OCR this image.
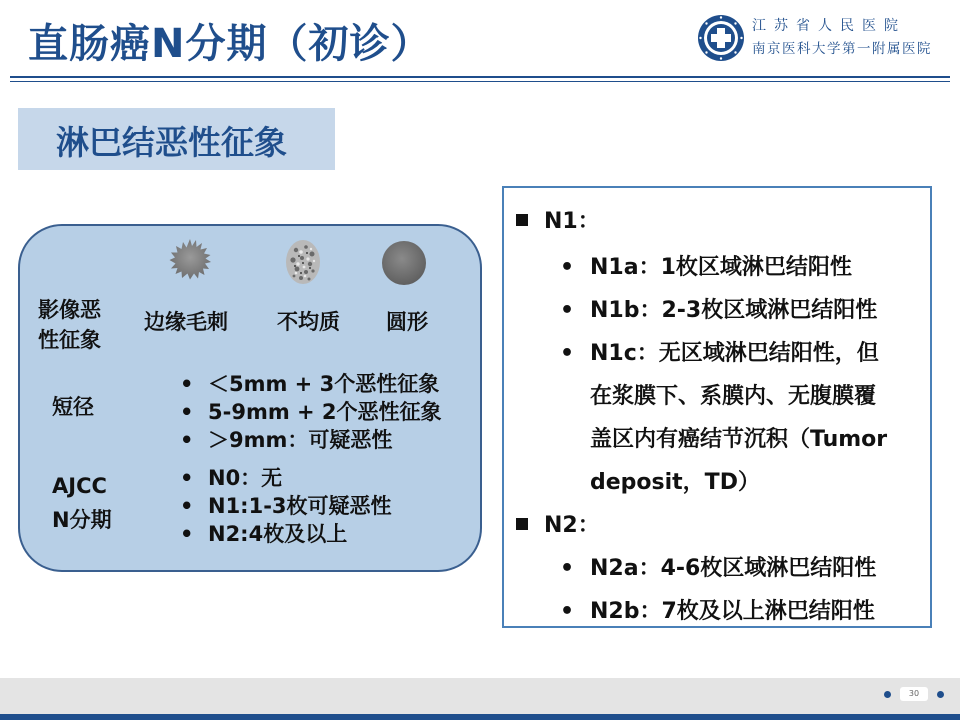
直肠癌N分期（初诊）	江苏省人民医院
南京医科大学第一附属医院
淋巴结恶性征象
影像恶
性征象
边缘毛刺 不均质 圆形
短径
• ＜5mm + 3个恶性征象
• 5-9mm + 2个恶性征象
• ＞9mm：可疑恶性
AJCC
N分期
• N0：无
• N1:1-3枚可疑恶性
• N2:4枚及以上
N1：
• N1a：1枚区域淋巴结阳性
• N1b：2-3枚区域淋巴结阳性
• N1c：无区域淋巴结阳性，但
在浆膜下、系膜内、无腹膜覆
盖区内有癌结节沉积（Tumor
deposit，TD）
N2：
• N2a：4-6枚区域淋巴结阳性
• N2b：7枚及以上淋巴结阳性
30
